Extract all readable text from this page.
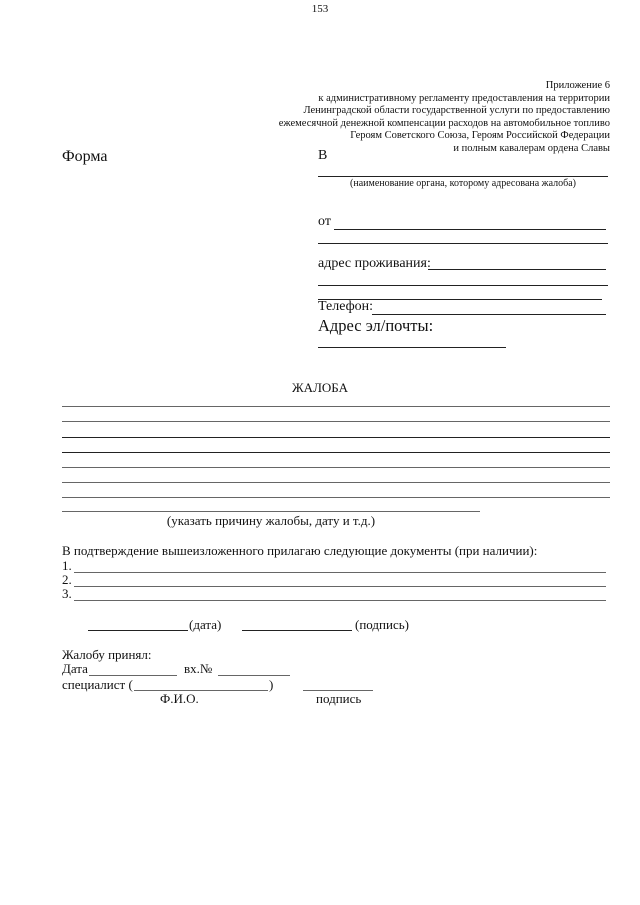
153
Приложение 6
к административному регламенту предоставления на территории
Ленинградской области государственной услуги по предоставлению
ежемесячной денежной компенсации расходов на автомобильное топливо
Героям Советского Союза, Героям Российской Федерации
и полным кавалерам ордена Славы
Форма	В
(наименование органа, которому адресована жалоба)
от
адрес проживания:
Телефон:
Адрес эл/почты:
ЖАЛОБА
(указать причину жалобы, дату и т.д.)
В подтверждение вышеизложенного прилагаю следующие документы (при наличии):
1.
2.
3.
(дата)	(подпись)
Жалобу принял:
Дата	вх.№
специалист (	)
Ф.И.О.	подпись
